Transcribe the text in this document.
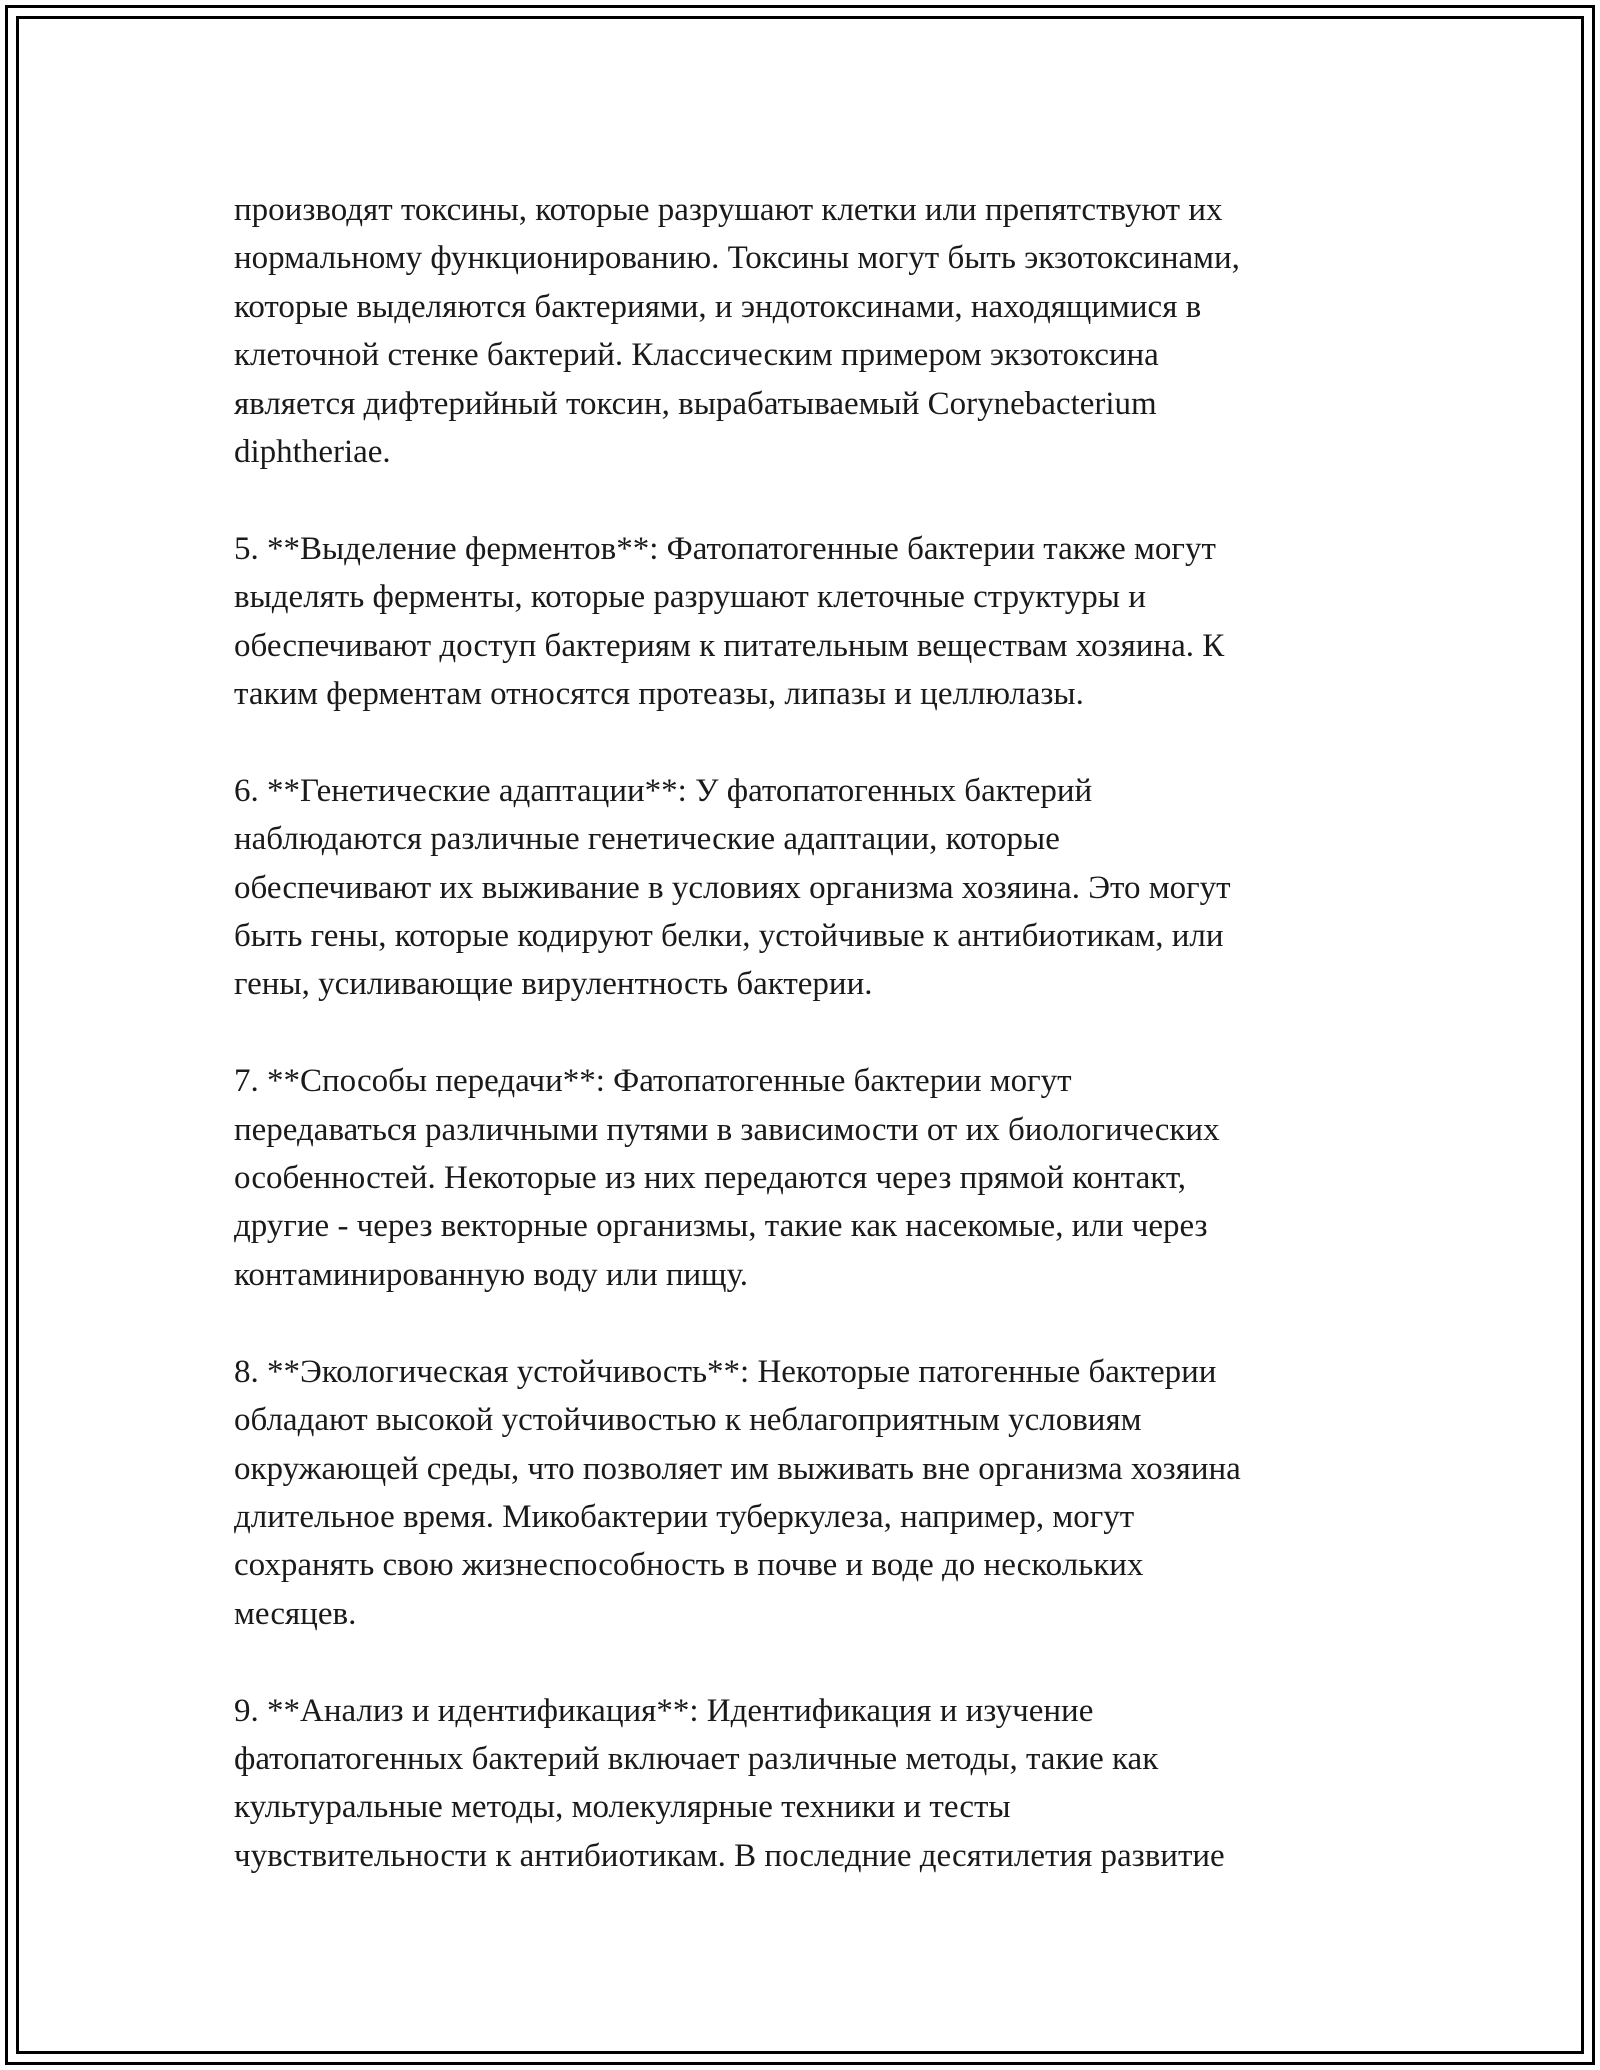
производят токсины, которые разрушают клетки или препятствуют их
нормальному функционированию. Токсины могут быть экзотоксинами,
которые выделяются бактериями, и эндотоксинами, находящимися в
клеточной стенке бактерий. Классическим примером экзотоксина
является дифтерийный токсин, вырабатываемый Corynebacterium
diphtheriae.

5. **Выделение ферментов**: Фатопатогенные бактерии также могут
выделять ферменты, которые разрушают клеточные структуры и
обеспечивают доступ бактериям к питательным веществам хозяина. К
таким ферментам относятся протеазы, липазы и целлюлазы.

6. **Генетические адаптации**: У фатопатогенных бактерий
наблюдаются различные генетические адаптации, которые
обеспечивают их выживание в условиях организма хозяина. Это могут
быть гены, которые кодируют белки, устойчивые к антибиотикам, или
гены, усиливающие вирулентность бактерии.

7. **Способы передачи**: Фатопатогенные бактерии могут
передаваться различными путями в зависимости от их биологических
особенностей. Некоторые из них передаются через прямой контакт,
другие - через векторные организмы, такие как насекомые, или через
контаминированную воду или пищу.

8. **Экологическая устойчивость**: Некоторые патогенные бактерии
обладают высокой устойчивостью к неблагоприятным условиям
окружающей среды, что позволяет им выживать вне организма хозяина
длительное время. Микобактерии туберкулеза, например, могут
сохранять свою жизнеспособность в почве и воде до нескольких
месяцев.

9. **Анализ и идентификация**: Идентификация и изучение
фатопатогенных бактерий включает различные методы, такие как
культуральные методы, молекулярные техники и тесты
чувствительности к антибиотикам. В последние десятилетия развитие
